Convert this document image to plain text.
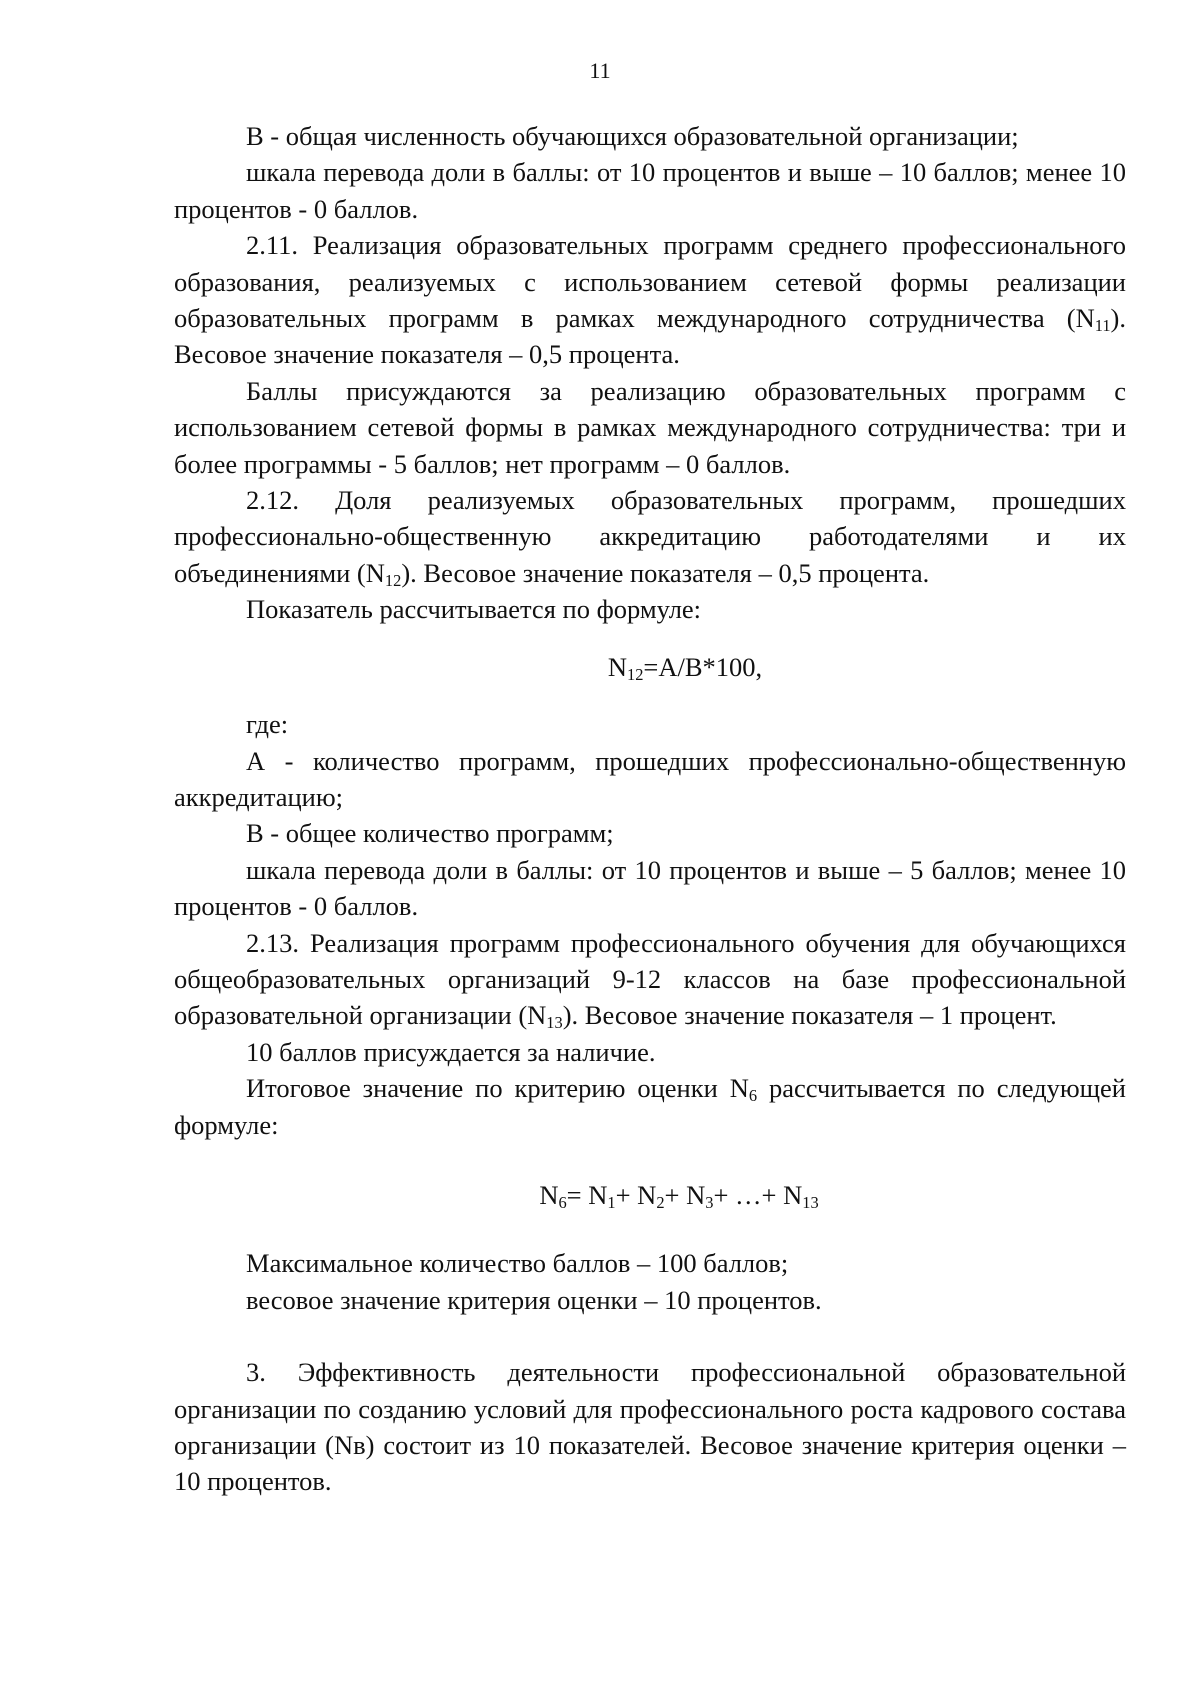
11

В - общая численность обучающихся образовательной организации;

шкала перевода доли в баллы: от 10 процентов и выше – 10 баллов; менее 10 процентов - 0 баллов.

2.11. Реализация образовательных программ среднего профессионального образования, реализуемых с использованием сетевой формы реализации образовательных программ в рамках международного сотрудничества $(N_{11})$. Весовое значение показателя – 0,5 процента.

Баллы присуждаются за реализацию образовательных программ с использованием сетевой формы в рамках международного сотрудничества: три и более программы - 5 баллов; нет программ – 0 баллов.

2.12. Доля реализуемых образовательных программ, прошедших профессионально-общественную аккредитацию работодателями и их объединениями $(N_{12})$. Весовое значение показателя – 0,5 процента.

Показатель рассчитывается по формуле:

$N_{12}=А/В*100$,

где:

А - количество программ, прошедших профессионально-общественную аккредитацию;

В - общее количество программ;

шкала перевода доли в баллы: от 10 процентов и выше – 5 баллов; менее 10 процентов - 0 баллов.

2.13. Реализация программ профессионального обучения для обучающихся общеобразовательных организаций 9-12 классов на базе профессиональной образовательной организации $(N_{13})$. Весовое значение показателя – 1 процент.

10 баллов присуждается за наличие.

Итоговое значение по критерию оценки $N_6$ рассчитывается по следующей формуле:

$N_6= N_1+ N_2+ N_3+$ …+ $N_{13}$

Максимальное количество баллов – 100 баллов;

весовое значение критерия оценки – 10 процентов.

3. Эффективность деятельности профессиональной образовательной организации по созданию условий для профессионального роста кадрового состава организации (Nв) состоит из 10 показателей. Весовое значение критерия оценки – 10 процентов.
